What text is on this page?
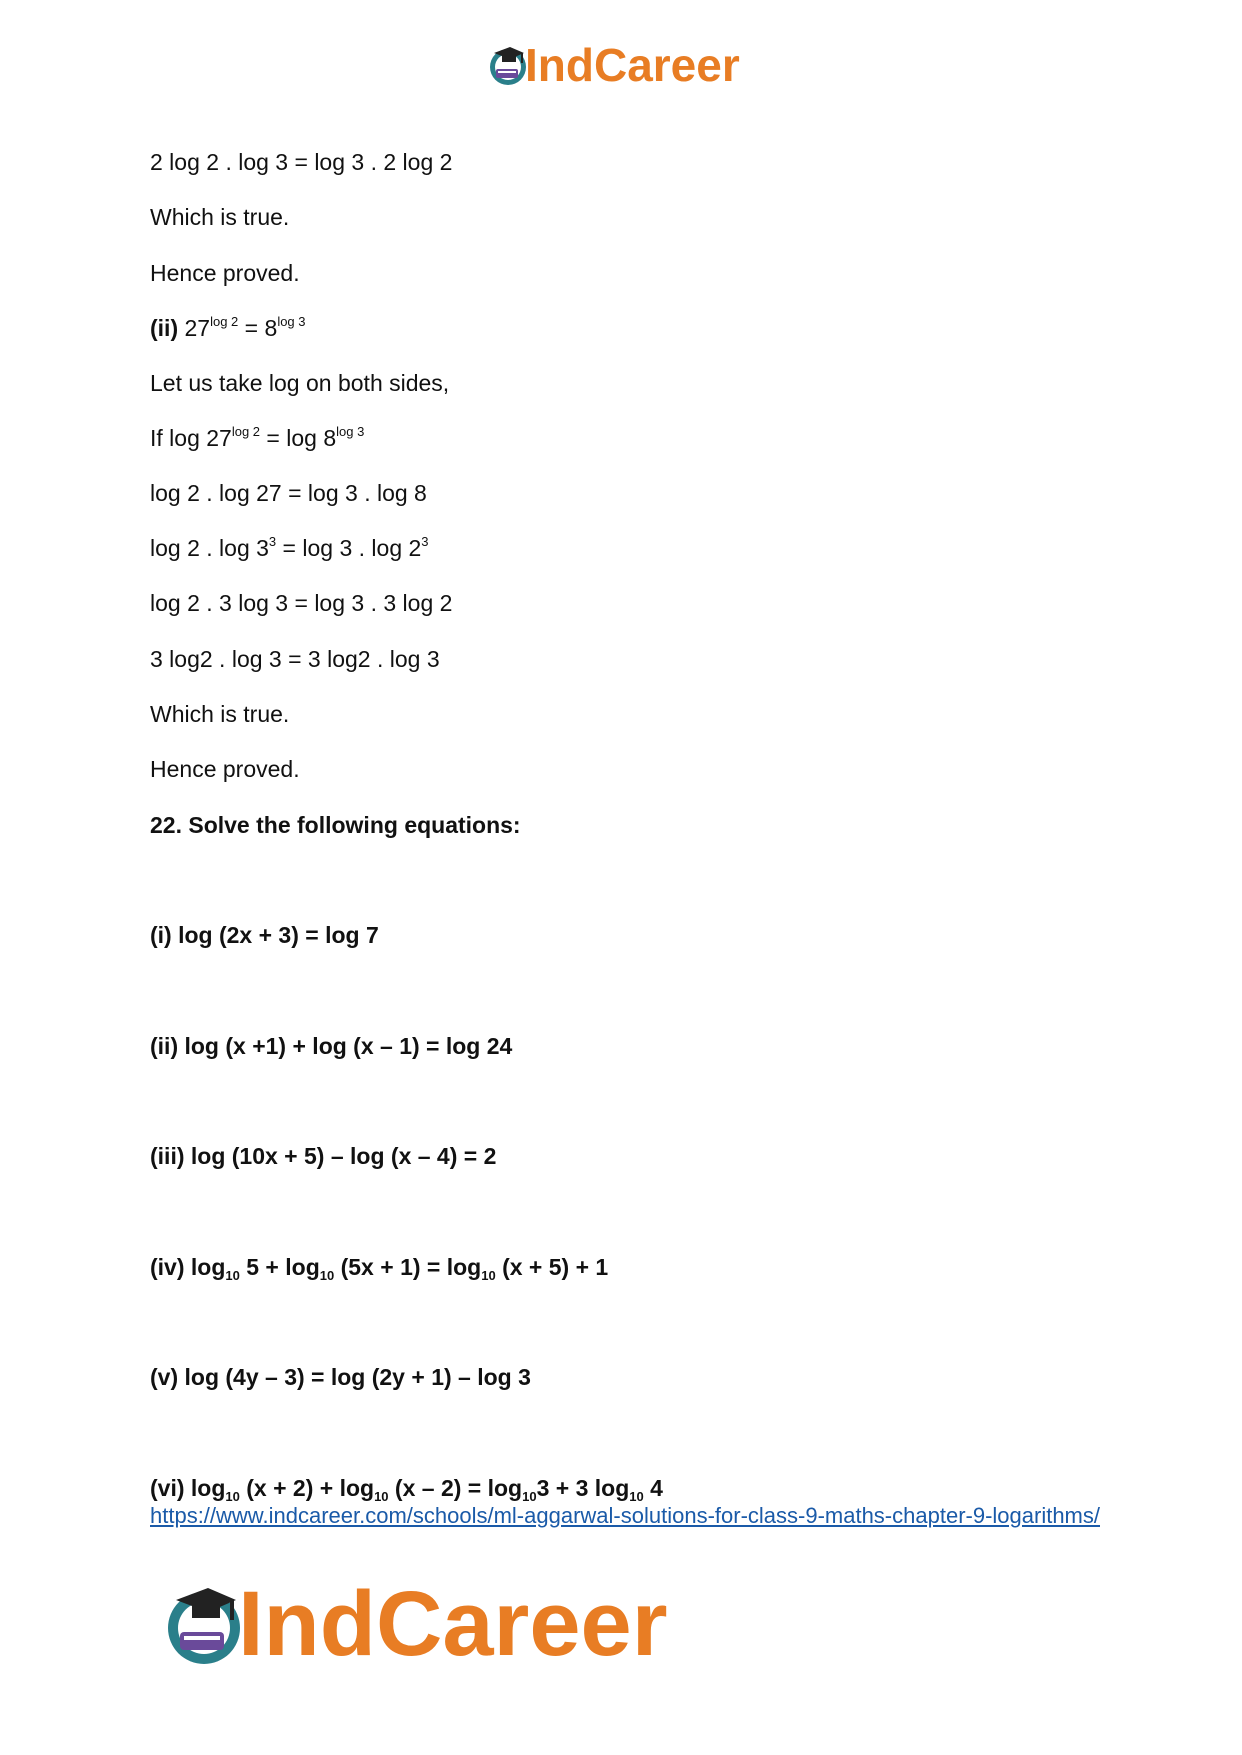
IndCareer
2 log 2 . log 3 = log 3 . 2 log 2
Which is true.
Hence proved.
(ii) $27^{log 2} = 8^{log 3}$
Let us take log on both sides,
If $\log 27^{log 2} = \log 8^{log 3}$
log 2 . log 27 = log 3 . log 8
log 2 . $\log 3^3 = \log 3$ . $\log 2^3$
log 2 . 3 log 3 = log 3 . 3 log 2
3 log2 . log 3 = 3 log2 . log 3
Which is true.
Hence proved.
22. Solve the following equations:
(i) log (2x + 3) = log 7
(ii) log (x +1) + log (x – 1) = log 24
(iii) log (10x + 5) – log (x – 4) = 2
(iv) $\log_{10} 5 + \log_{10} (5x + 1) = \log_{10} (x + 5) + 1$
(v) log (4y – 3) = log (2y + 1) – log 3
(vi) $\log_{10} (x + 2) + \log_{10} (x - 2) = \log_{10}3 + 3$ $\log_{10} 4$
https://www.indcareer.com/schools/ml-aggarwal-solutions-for-class-9-maths-chapter-9-logarithms/
IndCareer
